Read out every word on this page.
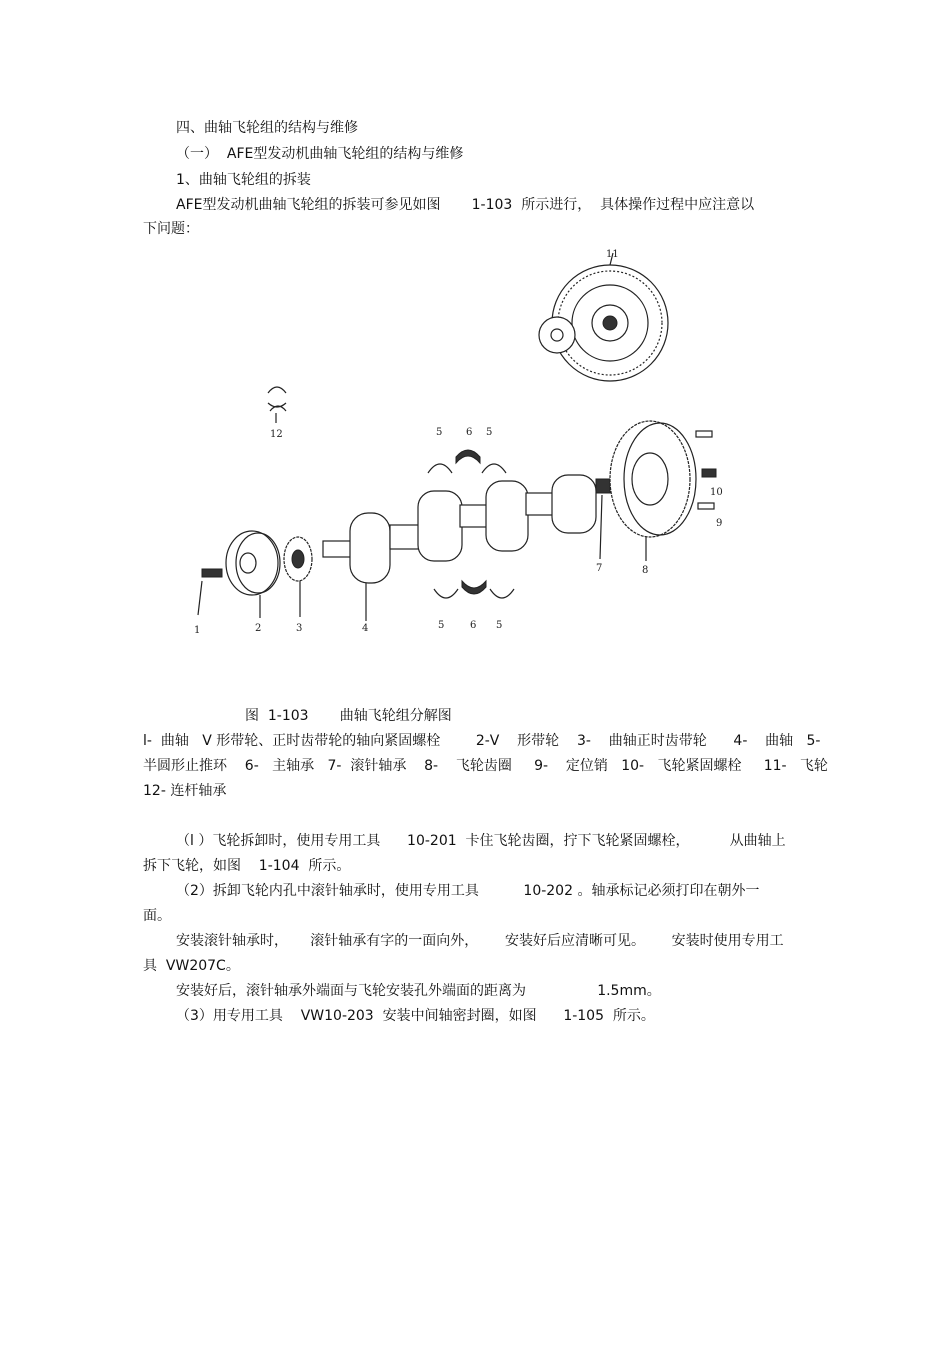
四、曲轴飞轮组的结构与维修
（一）  AFE型发动机曲轴飞轮组的结构与维修
1、曲轴飞轮组的拆装
AFE型发动机曲轴飞轮组的拆装可参见如图       1-103  所示进行，  具体操作过程中应注意以
下问题：
1	2	3	4
5 6 5
5	6 5
7	8
9
10
11
12
图  1-103       曲轴飞轮组分解图
l-  曲轴   V 形带轮、正时齿带轮的轴向紧固螺栓        2-V    形带轮    3-    曲轴正时齿带轮      4-    曲轴   5-
半圆形止推环    6-   主轴承   7-  滚针轴承    8-    飞轮齿圈     9-    定位销   10-   飞轮紧固螺栓     11-   飞轮
12- 连杆轴承
（l ）飞轮拆卸时，使用专用工具      10-201  卡住飞轮齿圈，拧下飞轮紧固螺栓，         从曲轴上
拆下飞轮，如图    1-104  所示。
（2）拆卸飞轮内孔中滚针轴承时，使用专用工具          10-202 。轴承标记必须打印在朝外一
面。
安装滚针轴承时，     滚针轴承有字的一面向外，      安装好后应清晰可见。      安装时使用专用工
具  VW207C。
安装好后，滚针轴承外端面与飞轮安装孔外端面的距离为                1.5mm。
（3）用专用工具    VW10-203  安装中间轴密封圈，如图      1-105  所示。
